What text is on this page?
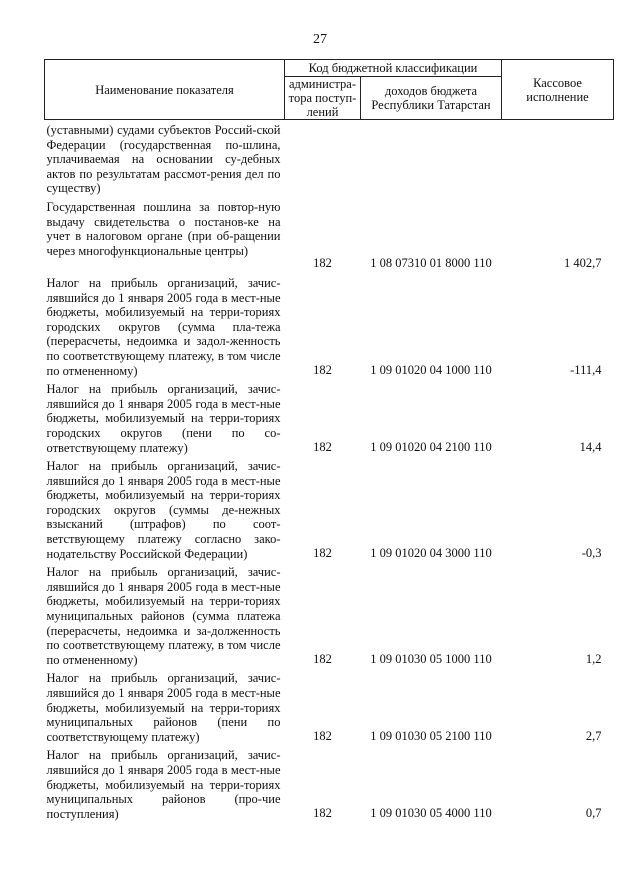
27
Наименование показателя	Код бюджетной классификации		Кассовое исполнение
	администра-тора поступ-лений	доходов бюджета Республики Татарстан	
(уставными) судами субъектов Россий-ской Федерации (государственная по-шлина, уплачиваемая на основании су-дебных актов по результатам рассмот-рения дел по существу)			
Государственная пошлина за повтор-ную выдачу свидетельства о постанов-ке на учет в налоговом органе (при об-ращении через многофункциональные центры)	182	1 08 07310 01 8000 110	1 402,7
Налог на прибыль организаций, зачис-лявшийся до 1 января 2005 года в мест-ные бюджеты, мобилизуемый на терри-ториях городских округов (сумма пла-тежа (перерасчеты, недоимка и задол-женность по соответствующему платежу, в том числе по отмененному)	182	1 09 01020 04 1000 110	-111,4
Налог на прибыль организаций, зачис-лявшийся до 1 января 2005 года в мест-ные бюджеты, мобилизуемый на терри-ториях городских округов (пени по со-ответствующему платежу)	182	1 09 01020 04 2100 110	14,4
Налог на прибыль организаций, зачис-лявшийся до 1 января 2005 года в мест-ные бюджеты, мобилизуемый на терри-ториях городских округов (суммы де-нежных взысканий (штрафов) по соот-ветствующему платежу согласно зако-нодательству Российской Федерации)	182	1 09 01020 04 3000 110	-0,3
Налог на прибыль организаций, зачис-лявшийся до 1 января 2005 года в мест-ные бюджеты, мобилизуемый на терри-ториях муниципальных районов (сумма платежа (перерасчеты, недоимка и за-долженность по соответствующему платежу, в том числе по отмененному)	182	1 09 01030 05 1000 110	1,2
Налог на прибыль организаций, зачис-лявшийся до 1 января 2005 года в мест-ные бюджеты, мобилизуемый на терри-ториях муниципальных районов (пени по соответствующему платежу)	182	1 09 01030 05 2100 110	2,7
Налог на прибыль организаций, зачис-лявшийся до 1 января 2005 года в мест-ные бюджеты, мобилизуемый на терри-ториях муниципальных районов (про-чие поступления)	182	1 09 01030 05 4000 110	0,7
